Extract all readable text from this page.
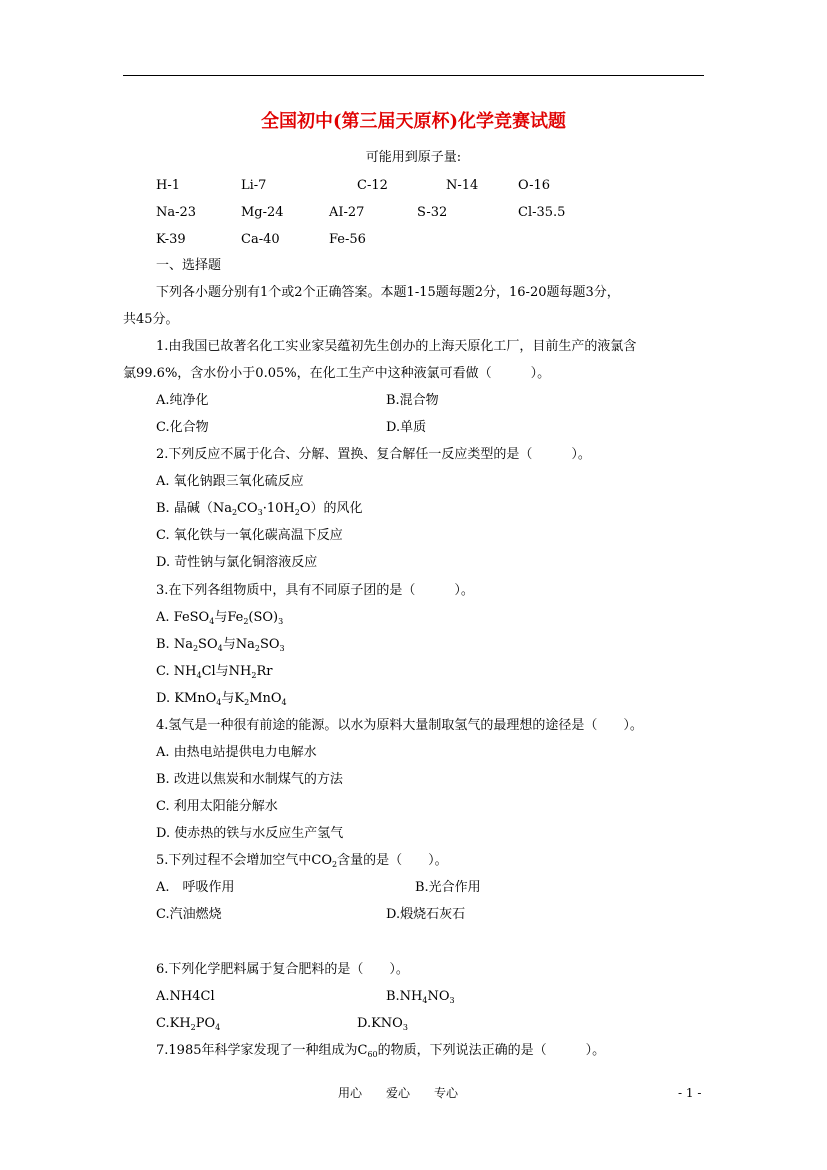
全国初中(第三届天原杯)化学竞赛试题
可能用到原子量:
H-1	Li-7	C-12	N-14	O-16
Na-23	Mg-24	AI-27	S-32	Cl-35.5
K-39	Ca-40	Fe-56
一、选择题
下列各小题分别有1个或2个正确答案。本题1-15题每题2分，16-20题每题3分，
共45分。
1.由我国已故著名化工实业家吴蕴初先生创办的上海天原化工厂，目前生产的液氯含
氯99.6%，含水份小于0.05%，在化工生产中这种液氯可看做（　　　）。
A.纯净化	B.混合物
C.化合物	D.单质
2.下列反应不属于化合、分解、置换、复合解任一反应类型的是（　　　）。
A. 氧化钠跟三氧化硫反应
B. 晶碱$(Na_2CO_3\cdot 10H_2O)$的风化
C. 氧化铁与一氧化碳高温下反应
D. 苛性钠与氯化铜溶液反应
3.在下列各组物质中，具有不同原子团的是（　　　）。
A. FeSO$_4$与$Fe_2(SO)_3$
B. $Na_2SO_4$与$Na_2SO_3$
C. $NH_4Cl$与$NH_2Rr$
D. KMnO$_4$与$K_2MnO_4$
4.氢气是一种很有前途的能源。以水为原料大量制取氢气的最理想的途径是（　　）。
A. 由热电站提供电力电解水
B. 改进以焦炭和水制煤气的方法
C. 利用太阳能分解水
D. 使赤热的铁与水反应生产氢气
5.下列过程不会增加空气中$CO_2$含量的是（　　）。
A.　呼吸作用	B.光合作用
C.汽油燃烧	D.煅烧石灰石
6.下列化学肥料属于复合肥料的是（　　）。
A.NH4Cl	$B.NH_4NO_3$
$C.KH_2PO_4$	$D.KNO_3$
7.1985年科学家发现了一种组成为$C_{60}$的物质，下列说法正确的是（　　　）。
用心　　爱心　　专心	- 1 -
